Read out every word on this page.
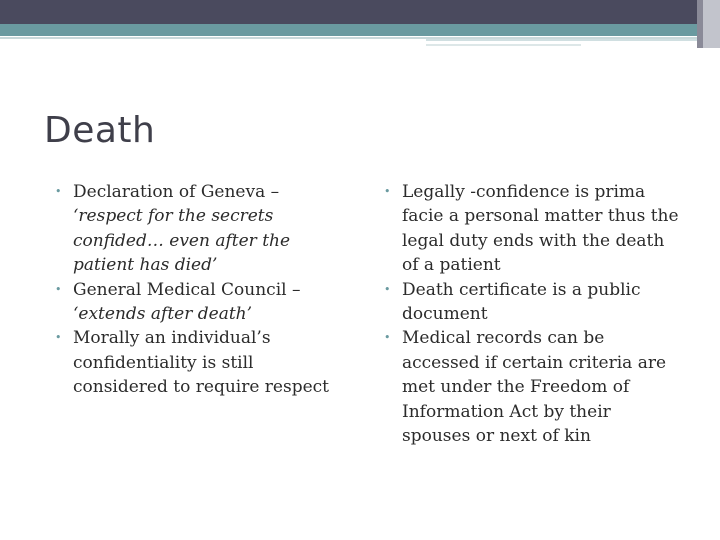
Death
• Declaration of Geneva – ‘respect for the secrets confided… even after the patient has died’
• General Medical Council – ‘extends after death’
• Morally an individual’s confidentiality is still considered to require respect
• Legally -confidence is prima facie a personal matter thus the legal duty ends with the death of a patient
• Death certificate is a public document
• Medical records can be accessed if certain criteria are met under the Freedom of Information Act by their spouses or next of kin
